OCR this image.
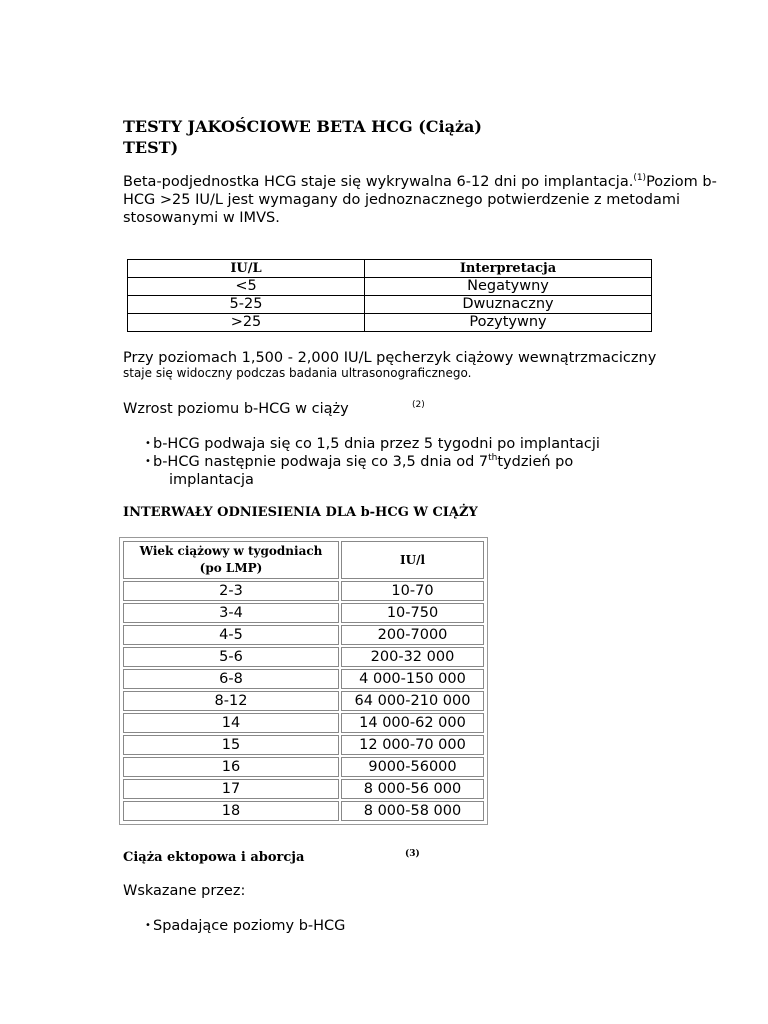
TESTY JAKOŚCIOWE BETA HCG (Ciąża)
TEST)
Beta-podjednostka HCG staje się wykrywalna 6-12 dni po implantacja.$^{(1)}$Poziom b-HCG >25 IU/L jest wymagany do jednoznacznego potwierdzenie z metodami stosowanymi w IMVS.
IU/L	Interpretacja
<5	Negatywny
5-25	Dwuznaczny
>25	Pozytywny
Przy poziomach 1,500 - 2,000 IU/L pęcherzyk ciążowy wewnątrzmaciczny
staje się widoczny podczas badania ultrasonograficznego.
Wzrost poziomu b-HCG w ciąży	(2)
• b-HCG podwaja się co 1,5 dnia przez 5 tygodni po implantacji
• b-HCG następnie podwaja się co 3,5 dnia od 7thtydzień po
implantacja
INTERWAŁY ODNIESIENIA DLA b-HCG W CIĄŻY
Wiek ciążowy w tygodniach
(po LMP)	IU/l
2-3	10-70
3-4	10-750
4-5	200-7000
5-6	200-32 000
6-8	4 000-150 000
8-12	64 000-210 000
14	14 000-62 000
15	12 000-70 000
16	9000-56000
17	8 000-56 000
18	8 000-58 000
Ciąża ektopowa i aborcja	(3)
Wskazane przez:
• Spadające poziomy b-HCG
